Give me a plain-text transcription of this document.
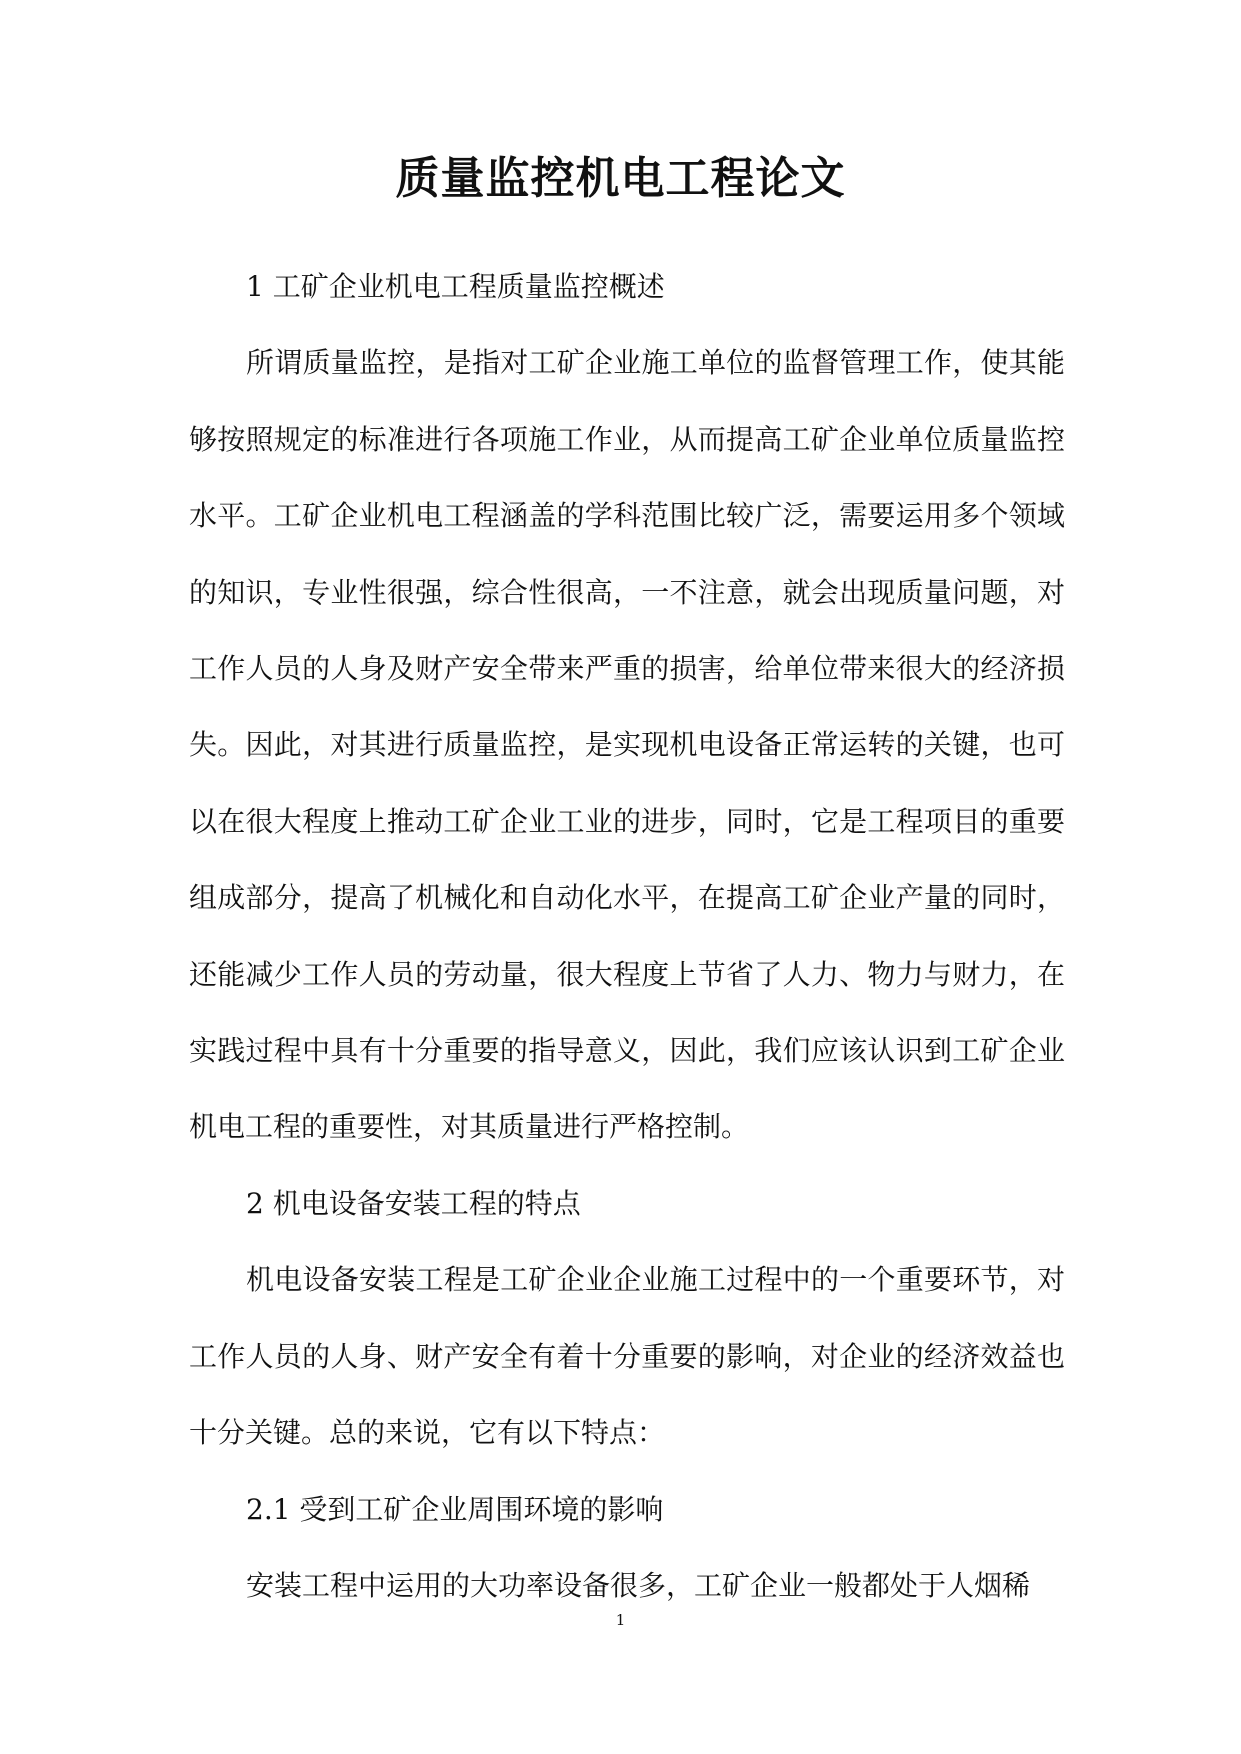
质量监控机电工程论文

1 工矿企业机电工程质量监控概述

所谓质量监控，是指对工矿企业施工单位的监督管理工作，使其能够按照规定的标准进行各项施工作业，从而提高工矿企业单位质量监控水平。工矿企业机电工程涵盖的学科范围比较广泛，需要运用多个领域的知识，专业性很强，综合性很高，一不注意，就会出现质量问题，对工作人员的人身及财产安全带来严重的损害，给单位带来很大的经济损失。因此，对其进行质量监控，是实现机电设备正常运转的关键，也可以在很大程度上推动工矿企业工业的进步，同时，它是工程项目的重要组成部分，提高了机械化和自动化水平，在提高工矿企业产量的同时，还能减少工作人员的劳动量，很大程度上节省了人力、物力与财力，在实践过程中具有十分重要的指导意义，因此，我们应该认识到工矿企业机电工程的重要性，对其质量进行严格控制。

2 机电设备安装工程的特点

机电设备安装工程是工矿企业企业施工过程中的一个重要环节，对工作人员的人身、财产安全有着十分重要的影响，对企业的经济效益也十分关键。总的来说，它有以下特点：

2.1 受到工矿企业周围环境的影响

安装工程中运用的大功率设备很多，工矿企业一般都处于人烟稀

1
